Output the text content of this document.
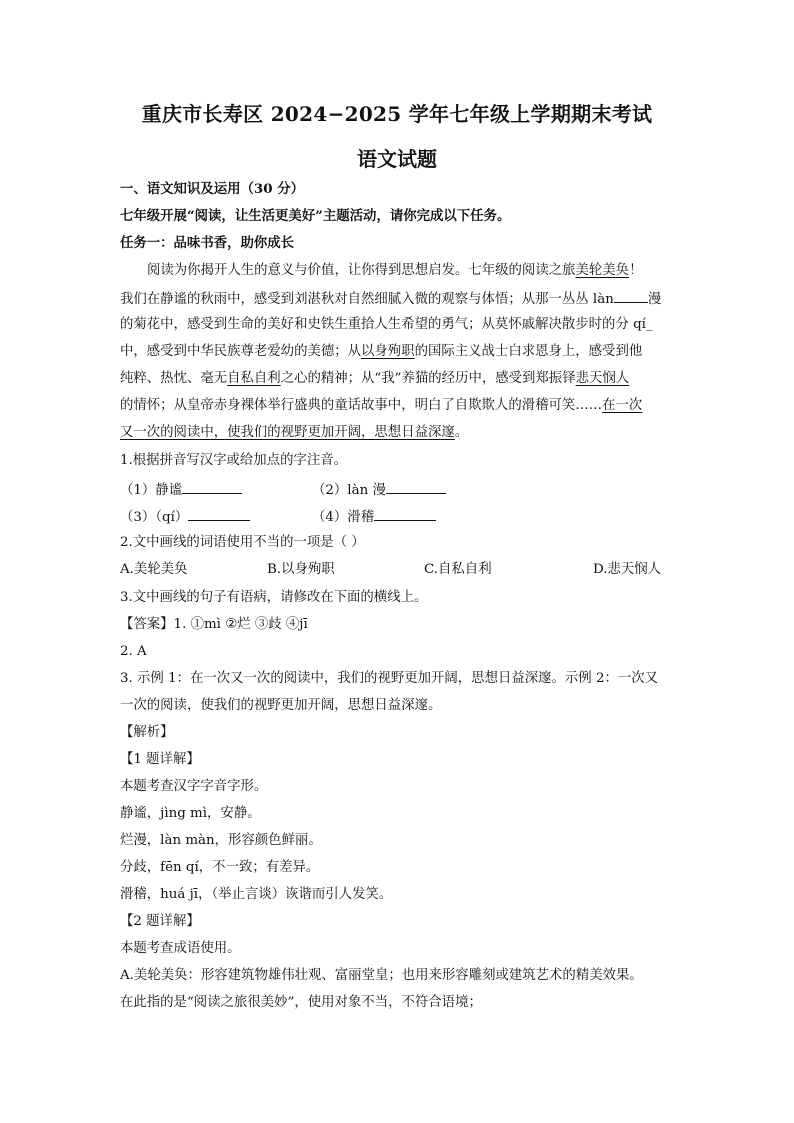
重庆市长寿区 2024−2025 学年七年级上学期期末考试
语文试题
一、语文知识及运用（30 分）
七年级开展“阅读，让生活更美好”主题活动，请你完成以下任务。
任务一：品味书香，助你成长
阅读为你揭开人生的意义与价值，让你得到思想启发。七年级的阅读之旅美轮美奂！
我们在静谧的秋雨中，感受到刘湛秋对自然细腻入微的观察与体悟；从那一丛丛 làn	漫
的菊花中，感受到生命的美好和史铁生重拾人生希望的勇气；从莫怀戚解决散步时的分 qí_
中，感受到中华民族尊老爱幼的美德；从以身殉职的国际主义战士白求恩身上，感受到他
纯粹、热忱、毫无自私自利之心的精神；从“我”养猫的经历中，感受到郑振铎悲天悯人
的情怀；从皇帝赤身裸体举行盛典的童话故事中，明白了自欺欺人的滑稽可笑……在一次
又一次的阅读中，使我们的视野更加开阔，思想日益深邃。
1.根据拼音写汉字或给加点的字注音。
（1）静谧	（2）làn 漫
（3）（qí）	（4）滑稽
2.文中画线的词语使用不当的一项是（ ）
A.美轮美奂	B.以身殉职	C.自私自利	D.悲天悯人
3.文中画线的句子有语病，请修改在下面的横线上。
【答案】1. ①mì ②烂 ③歧 ④jī
2. A
3. 示例 1：在一次又一次的阅读中，我们的视野更加开阔，思想日益深邃。示例 2：一次又
一次的阅读，使我们的视野更加开阔，思想日益深邃。
【解析】
【1 题详解】
本题考查汉字字音字形。
静谧，jìng mì，安静。
烂漫，làn màn，形容颜色鲜丽。
分歧，fēn qí，不一致；有差异。
滑稽，huá jī，（举止言谈）诙谐而引人发笑。
【2 题详解】
本题考查成语使用。
A.美轮美奂：形容建筑物雄伟壮观、富丽堂皇；也用来形容雕刻或建筑艺术的精美效果。
在此指的是“阅读之旅很美妙”，使用对象不当，不符合语境；
